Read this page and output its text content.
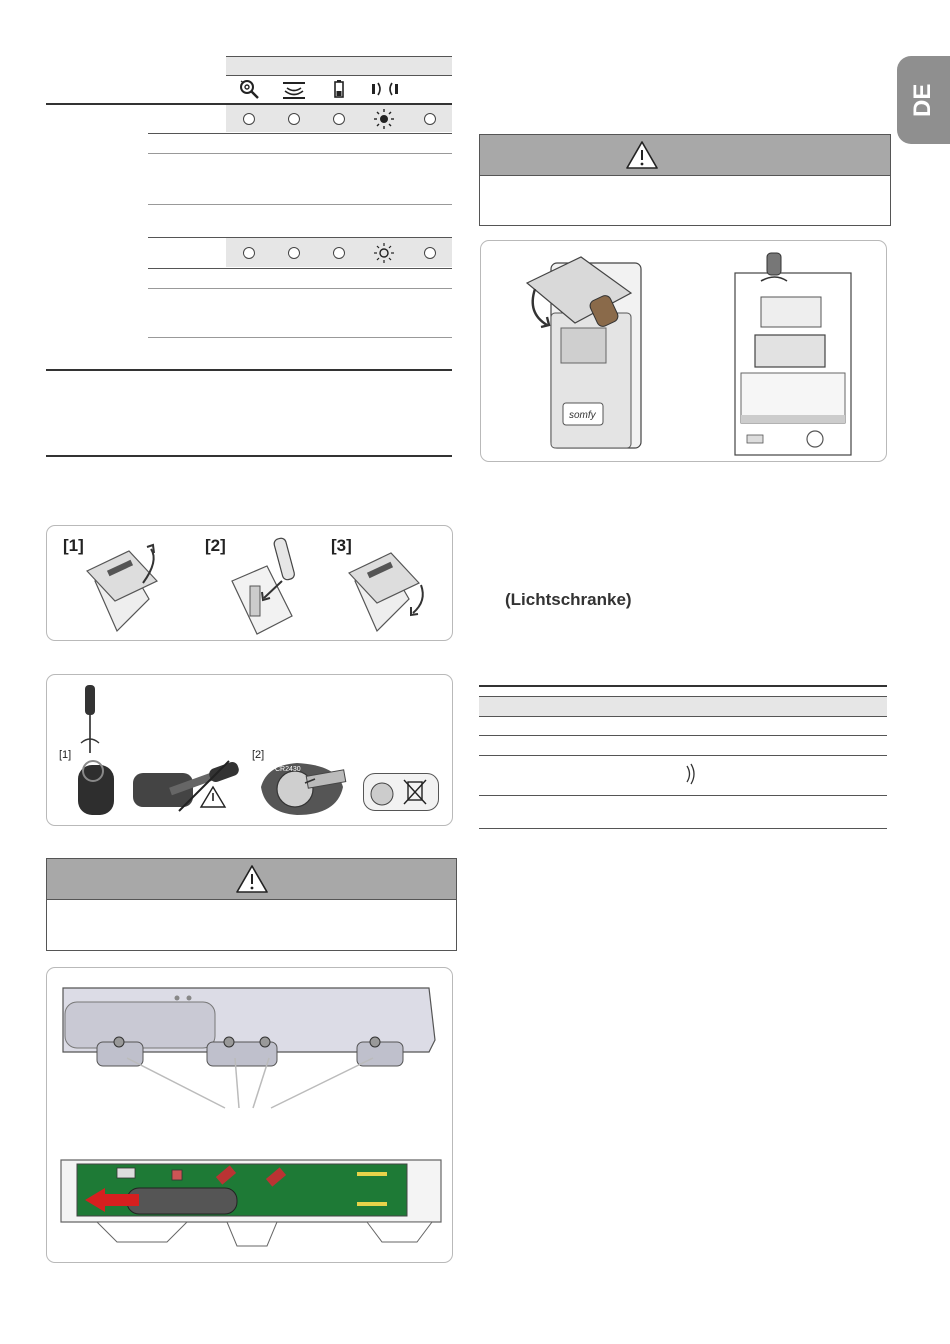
DE
[1]	[2]	[3]
[1]	[2]
CR2430
somfy
(Lichtschranke)
